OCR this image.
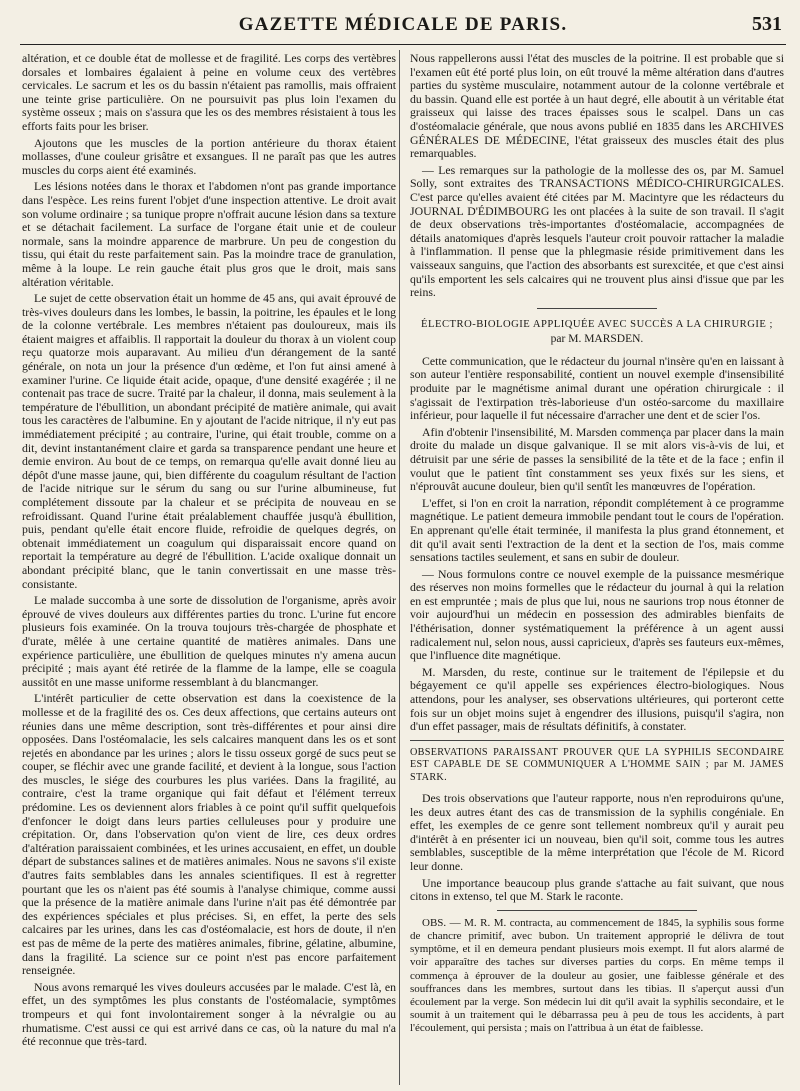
GAZETTE MÉDICALE DE PARIS.	531

altération, et ce double état de mollesse et de fragilité. Les corps des vertèbres dorsales et lombaires égalaient à peine en volume ceux des vertèbres cervicales. Le sacrum et les os du bassin n'étaient pas ramollis, mais offraient une teinte grise particulière. On ne poursuivit pas plus loin l'examen du système osseux ; mais on s'assura que les os des membres résistaient à tous les efforts faits pour les briser.

Ajoutons que les muscles de la portion antérieure du thorax étaient mollasses, d'une couleur grisâtre et exsangues. Il ne paraît pas que les autres muscles du corps aient été examinés.

Les lésions notées dans le thorax et l'abdomen n'ont pas grande importance dans l'espèce. Les reins furent l'objet d'une inspection attentive. Le droit avait son volume ordinaire ; sa tunique propre n'offrait aucune lésion dans sa texture et se détachait facilement. La surface de l'organe était unie et de couleur normale, sans la moindre apparence de marbrure. Un peu de congestion du tissu, qui était du reste parfaitement sain. Pas la moindre trace de granulation, même à la loupe. Le rein gauche était plus gros que le droit, mais sans altération véritable.

Le sujet de cette observation était un homme de 45 ans, qui avait éprouvé de très-vives douleurs dans les lombes, le bassin, la poitrine, les épaules et le long de la colonne vertébrale. Les membres n'étaient pas douloureux, mais ils étaient maigres et affaiblis. Il rapportait la douleur du thorax à un violent coup reçu quatorze mois auparavant. Au milieu d'un dérangement de la santé générale, on nota un jour la présence d'un œdème, et l'on fut ainsi amené à examiner l'urine. Ce liquide était acide, opaque, d'une densité exagérée ; il ne contenait pas trace de sucre. Traité par la chaleur, il donna, mais seulement à la température de l'ébullition, un abondant précipité de matière animale, qui avait tous les caractères de l'albumine. En y ajoutant de l'acide nitrique, il n'y eut pas immédiatement précipité ; au contraire, l'urine, qui était trouble, comme on a dit, devint instantanément claire et garda sa transparence pendant une heure et demie environ. Au bout de ce temps, on remarqua qu'elle avait donné lieu au dépôt d'une masse jaune, qui, bien différente du coagulum résultant de l'action de l'acide nitrique sur le sérum du sang ou sur l'urine albumineuse, fut complétement dissoute par la chaleur et se précipita de nouveau en se refroidissant. Quand l'urine était préalablement chauffée jusqu'à ébullition, puis, pendant qu'elle était encore fluide, refroidie de quelques degrés, on obtenait immédiatement un coagulum qui disparaissait encore quand on reportait la température au degré de l'ébullition. L'acide oxalique donnait un abondant précipité blanc, que le tanin convertissait en une masse très-consistante.

Le malade succomba à une sorte de dissolution de l'organisme, après avoir éprouvé de vives douleurs aux différentes parties du tronc. L'urine fut encore plusieurs fois examinée. On la trouva toujours très-chargée de phosphate et d'urate, mêlée à une certaine quantité de matières animales. Dans une expérience particulière, une ébullition de quelques minutes n'y amena aucun précipité ; mais ayant été retirée de la flamme de la lampe, elle se coagula aussitôt en une masse uniforme ressemblant à du blancmanger.

L'intérêt particulier de cette observation est dans la coexistence de la mollesse et de la fragilité des os. Ces deux affections, que certains auteurs ont réunies dans une même description, sont très-différentes et pour ainsi dire opposées. Dans l'ostéomalacie, les sels calcaires manquent dans les os et sont rejetés en abondance par les urines ; alors le tissu osseux gorgé de sucs peut se couper, se fléchir avec une grande facilité, et devient à la longue, sous l'action des muscles, le siége des courbures les plus variées. Dans la fragilité, au contraire, c'est la trame organique qui fait défaut et l'élément terreux prédomine. Les os deviennent alors friables à ce point qu'il suffit quelquefois d'enfoncer le doigt dans leurs parties celluleuses pour y produire une crépitation. Or, dans l'observation qu'on vient de lire, ces deux ordres d'altération paraissaient combinées, et les urines accusaient, en effet, un double départ de substances salines et de matières animales. Nous ne savons s'il existe d'autres faits semblables dans les annales scientifiques. Il est à regretter pourtant que les os n'aient pas été soumis à l'analyse chimique, comme aussi que la présence de la matière animale dans l'urine n'ait pas été démontrée par des expériences spéciales et plus précises. Si, en effet, la perte des sels calcaires par les urines, dans les cas d'ostéomalacie, est hors de doute, il n'en est pas de même de la perte des matières animales, fibrine, gélatine, albumine, dans la fragilité. La science sur ce point n'est pas encore parfaitement renseignée.

Nous avons remarqué les vives douleurs accusées par le malade. C'est là, en effet, un des symptômes les plus constants de l'ostéomalacie, symptômes trompeurs et qui font involontairement songer à la névralgie ou au rhumatisme. C'est aussi ce qui est arrivé dans ce cas, où la nature du mal n'a été reconnue que très-tard.

Nous rappellerons aussi l'état des muscles de la poitrine. Il est probable que si l'examen eût été porté plus loin, on eût trouvé la même altération dans d'autres parties du système musculaire, notamment autour de la colonne vertébrale et du bassin. Quand elle est portée à un haut degré, elle aboutit à un véritable état graisseux qui laisse des traces épaisses sous le scalpel. Dans un cas d'ostéomalacie générale, que nous avons publié en 1835 dans les ARCHIVES GÉNÉRALES DE MÉDECINE, l'état graisseux des muscles était des plus remarquables.

— Les remarques sur la pathologie de la mollesse des os, par M. Samuel Solly, sont extraites des TRANSACTIONS MÉDICO-CHIRURGICALES. C'est parce qu'elles avaient été citées par M. Macintyre que les rédacteurs du JOURNAL D'ÉDIMBOURG les ont placées à la suite de son travail. Il s'agit de deux observations très-importantes d'ostéomalacie, accompagnées de détails anatomiques d'après lesquels l'auteur croit pouvoir rattacher la maladie à l'inflammation. Il pense que la phlegmasie réside primitivement dans les vaisseaux sanguins, que l'action des absorbants est surexcitée, et que c'est ainsi qu'ils emportent les sels calcaires qui ne trouvent plus ainsi d'issue que par les reins.

ÉLECTRO-BIOLOGIE APPLIQUÉE AVEC SUCCÈS A LA CHIRURGIE ;
par M. MARSDEN.

Cette communication, que le rédacteur du journal n'insère qu'en en laissant à son auteur l'entière responsabilité, contient un nouvel exemple d'insensibilité produite par le magnétisme animal durant une opération chirurgicale : il s'agissait de l'extirpation très-laborieuse d'un ostéo-sarcome du maxillaire inférieur, pour laquelle il fut nécessaire d'arracher une dent et de scier l'os.

Afin d'obtenir l'insensibilité, M. Marsden commença par placer dans la main droite du malade un disque galvanique. Il se mit alors vis-à-vis de lui, et détruisit par une série de passes la sensibilité de la tête et de la face ; enfin il voulut que le patient tînt constamment ses yeux fixés sur les siens, et n'éprouvât aucune douleur, bien qu'il sentît les manœuvres de l'opération.

L'effet, si l'on en croit la narration, répondit complétement à ce programme magnétique. Le patient demeura immobile pendant tout le cours de l'opération. En apprenant qu'elle était terminée, il manifesta la plus grand étonnement, et dit qu'il avait senti l'extraction de la dent et la section de l'os, mais comme sensations tactiles seulement, et sans en subir de douleur.

— Nous formulons contre ce nouvel exemple de la puissance mesmérique des réserves non moins formelles que le rédacteur du journal à qui la relation en est empruntée ; mais de plus que lui, nous ne saurions trop nous étonner de voir aujourd'hui un médecin en possession des admirables bienfaits de l'éthérisation, donner systématiquement la préférence à un agent aussi radicalement nul, selon nous, aussi capricieux, d'après ses fauteurs eux-mêmes, que l'influence dite magnétique.

M. Marsden, du reste, continue sur le traitement de l'épilepsie et du bégayement ce qu'il appelle ses expériences électro-biologiques. Nous attendons, pour les analyser, ses observations ultérieures, qui porteront cette fois sur un objet moins sujet à engendrer des illusions, puisqu'il s'agira, non d'un effet passager, mais de résultats définitifs, à constater.

OBSERVATIONS PARAISSANT PROUVER QUE LA SYPHILIS SECONDAIRE EST CAPABLE DE SE COMMUNIQUER A L'HOMME SAIN ; par M. JAMES STARK.

Des trois observations que l'auteur rapporte, nous n'en reproduirons qu'une, les deux autres étant des cas de transmission de la syphilis congéniale. En effet, les exemples de ce genre sont tellement nombreux qu'il y aurait peu d'intérêt à en présenter ici un nouveau, bien qu'il soit, comme tous les autres semblables, susceptible de la même interprétation que l'école de M. Ricord leur donne.

Une importance beaucoup plus grande s'attache au fait suivant, que nous citons in extenso, tel que M. Stark le raconte.

OBS. — M. R. M. contracta, au commencement de 1845, la syphilis sous forme de chancre primitif, avec bubon. Un traitement approprié le délivra de tout symptôme, et il en demeura pendant plusieurs mois exempt. Il fut alors alarmé de voir apparaître des taches sur diverses parties du corps. En même temps il commença à éprouver de la douleur au gosier, une faiblesse générale et des souffrances dans les membres, surtout dans les tibias. Il s'aperçut aussi d'un écoulement par la verge. Son médecin lui dit qu'il avait la syphilis secondaire, et le soumit à un traitement qui le débarrassa peu à peu de tous les accidents, à part l'écoulement, qui persista ; mais on l'attribua à un état de faiblesse.
